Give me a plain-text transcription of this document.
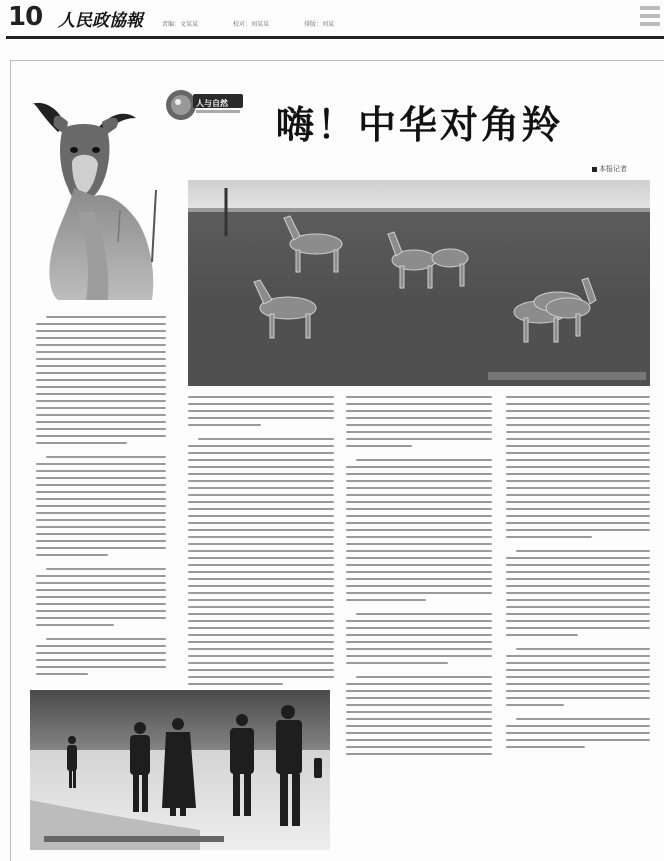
10 人民政協報	责编：文某某	校对：刘某某	排版：刘某
人与自然 嗨！中华对角羚
本报记者
